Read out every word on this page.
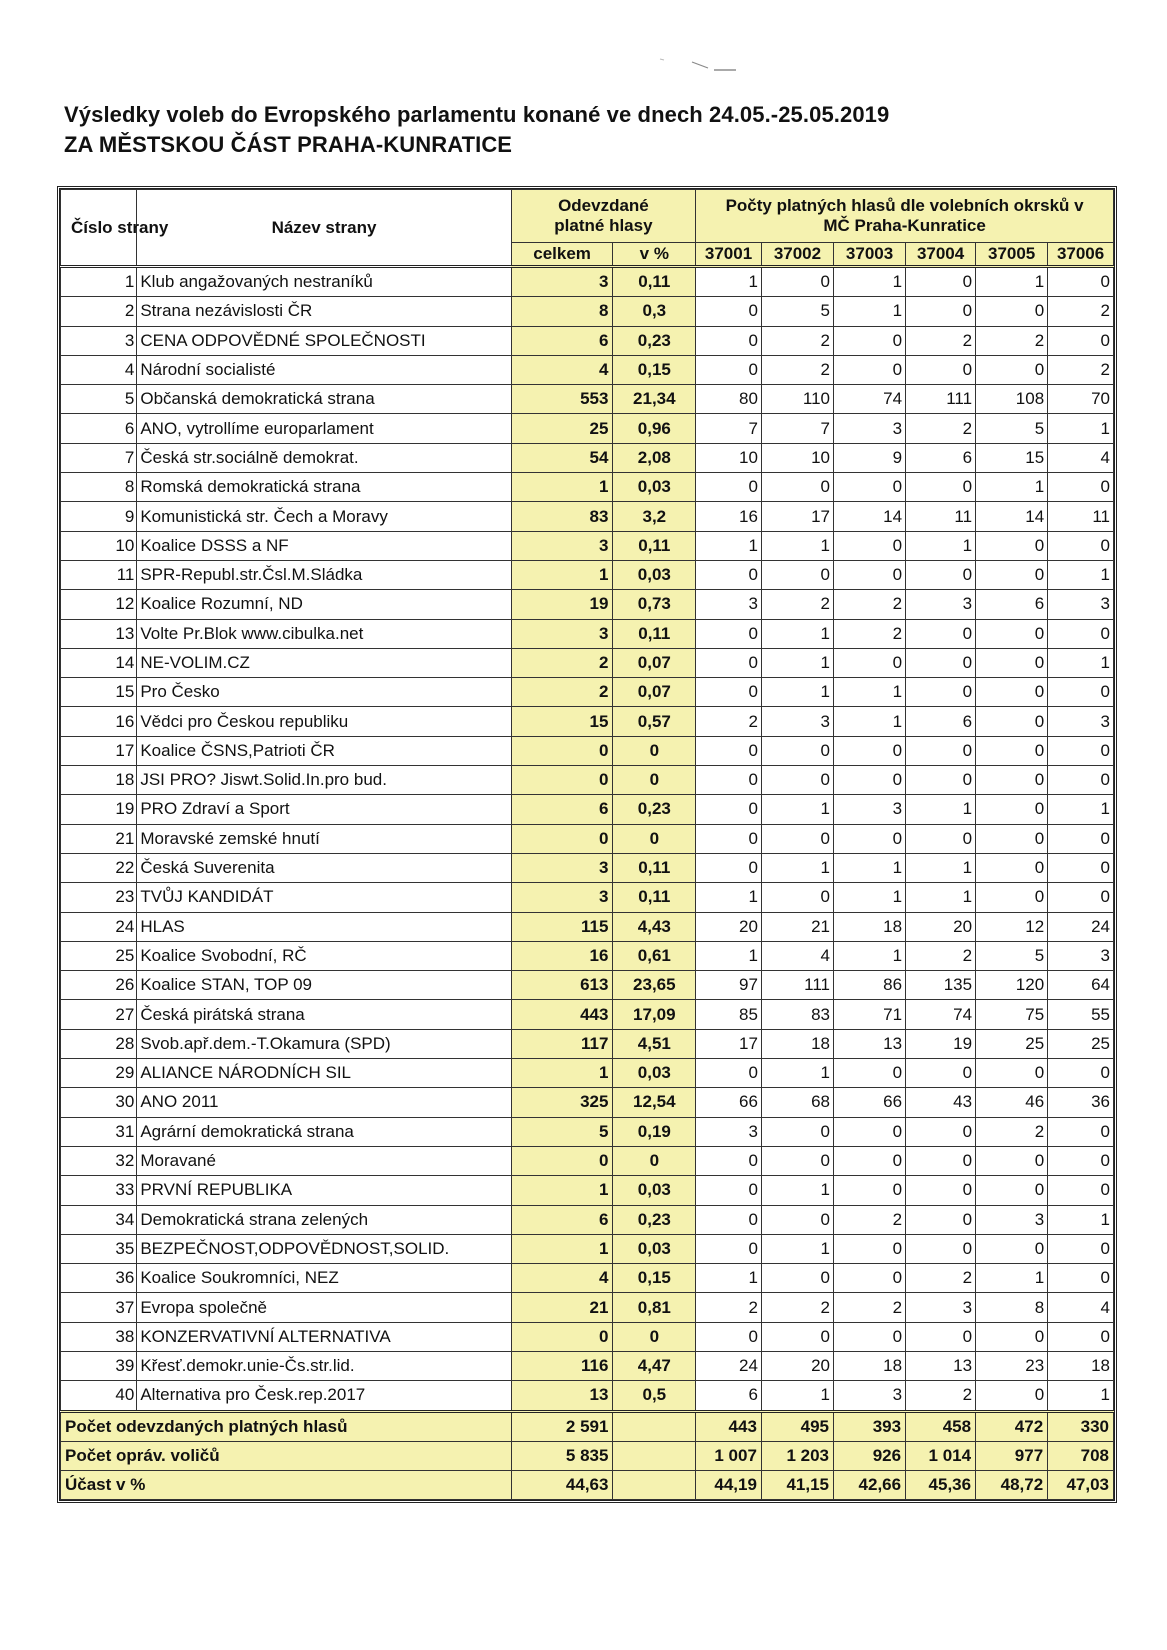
Výsledky voleb do Evropského parlamentu konané ve dnech 24.05.-25.05.2019
ZA MĚSTSKOU ČÁST PRAHA-KUNRATICE
Číslo strany	Název strany	Odevzdané platné hlasy		Počty platných hlasů dle volebních okrsků v MČ Praha-Kunratice					
		celkem	v %	37001	37002	37003	37004	37005	37006
1	Klub angažovaných nestraníků	3	0,11	1	0	1	0	1	0
2	Strana nezávislosti ČR	8	0,3	0	5	1	0	0	2
3	CENA ODPOVĚDNÉ SPOLEČNOSTI	6	0,23	0	2	0	2	2	0
4	Národní socialisté	4	0,15	0	2	0	0	0	2
5	Občanská demokratická strana	553	21,34	80	110	74	111	108	70
6	ANO, vytrollíme europarlament	25	0,96	7	7	3	2	5	1
7	Česká str.sociálně demokrat.	54	2,08	10	10	9	6	15	4
8	Romská demokratická strana	1	0,03	0	0	0	0	1	0
9	Komunistická str. Čech a Moravy	83	3,2	16	17	14	11	14	11
10	Koalice DSSS a NF	3	0,11	1	1	0	1	0	0
11	SPR-Republ.str.Čsl.M.Sládka	1	0,03	0	0	0	0	0	1
12	Koalice Rozumní, ND	19	0,73	3	2	2	3	6	3
13	Volte Pr.Blok www.cibulka.net	3	0,11	0	1	2	0	0	0
14	NE-VOLIM.CZ	2	0,07	0	1	0	0	0	1
15	Pro Česko	2	0,07	0	1	1	0	0	0
16	Vědci pro Českou republiku	15	0,57	2	3	1	6	0	3
17	Koalice ČSNS,Patrioti ČR	0	0	0	0	0	0	0	0
18	JSI PRO? Jiswt.Solid.In.pro bud.	0	0	0	0	0	0	0	0
19	PRO Zdraví a Sport	6	0,23	0	1	3	1	0	1
21	Moravské zemské hnutí	0	0	0	0	0	0	0	0
22	Česká Suverenita	3	0,11	0	1	1	1	0	0
23	TVŮJ KANDIDÁT	3	0,11	1	0	1	1	0	0
24	HLAS	115	4,43	20	21	18	20	12	24
25	Koalice Svobodní, RČ	16	0,61	1	4	1	2	5	3
26	Koalice STAN, TOP 09	613	23,65	97	111	86	135	120	64
27	Česká pirátská strana	443	17,09	85	83	71	74	75	55
28	Svob.apř.dem.-T.Okamura (SPD)	117	4,51	17	18	13	19	25	25
29	ALIANCE NÁRODNÍCH SIL	1	0,03	0	1	0	0	0	0
30	ANO 2011	325	12,54	66	68	66	43	46	36
31	Agrární demokratická strana	5	0,19	3	0	0	0	2	0
32	Moravané	0	0	0	0	0	0	0	0
33	PRVNÍ REPUBLIKA	1	0,03	0	1	0	0	0	0
34	Demokratická strana zelených	6	0,23	0	0	2	0	3	1
35	BEZPEČNOST,ODPOVĚDNOST,SOLID.	1	0,03	0	1	0	0	0	0
36	Koalice Soukromníci, NEZ	4	0,15	1	0	0	2	1	0
37	Evropa společně	21	0,81	2	2	2	3	8	4
38	KONZERVATIVNÍ ALTERNATIVA	0	0	0	0	0	0	0	0
39	Křesť.demokr.unie-Čs.str.lid.	116	4,47	24	20	18	13	23	18
40	Alternativa pro Česk.rep.2017	13	0,5	6	1	3	2	0	1
Počet odevzdaných platných hlasů		2 591		443	495	393	458	472	330
Počet opráv. voličů		5 835		1 007	1 203	926	1 014	977	708
Účast v %		44,63		44,19	41,15	42,66	45,36	48,72	47,03
